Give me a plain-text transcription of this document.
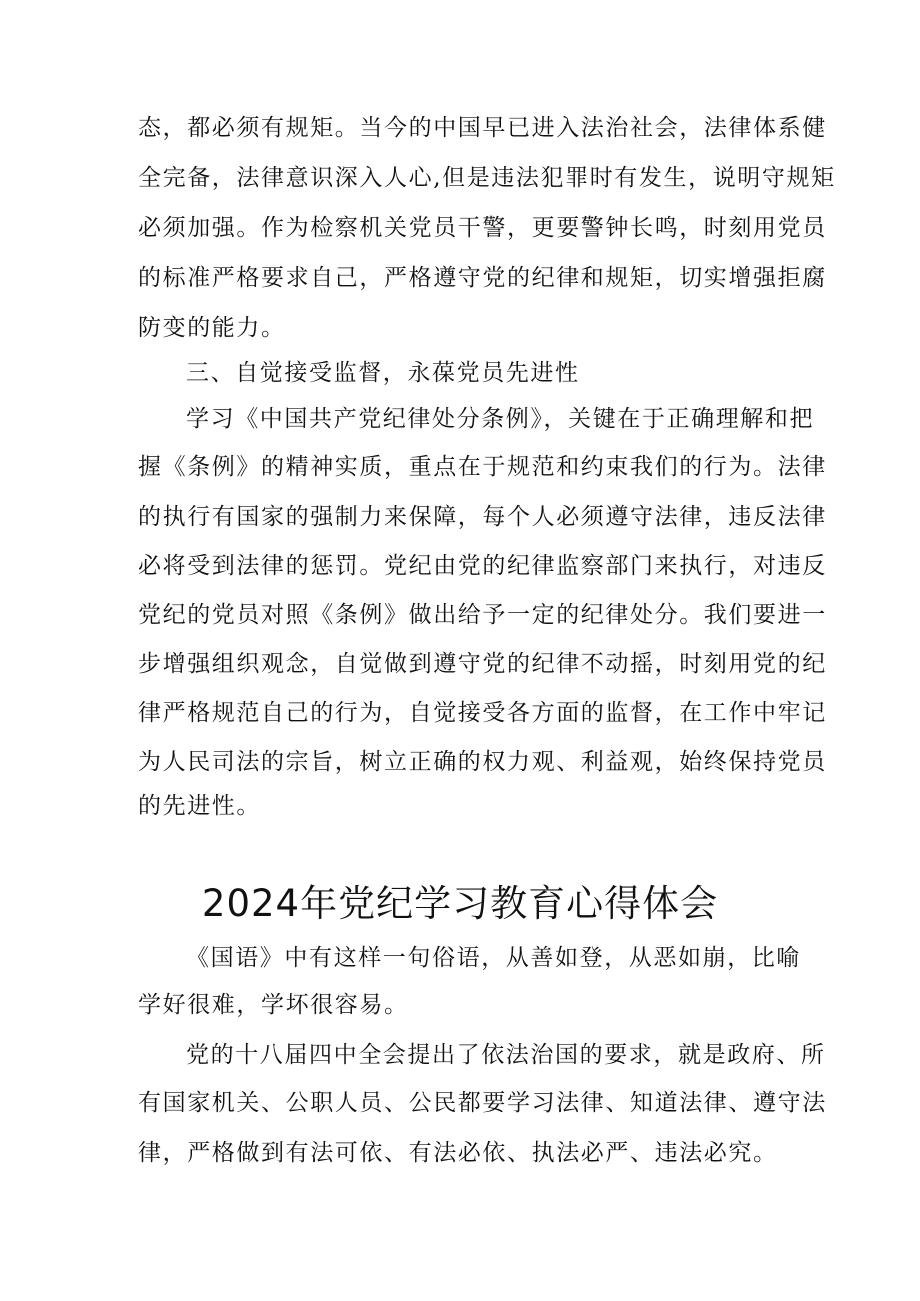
态，都必须有规矩。当今的中国早已进入法治社会，法律体系健
全完备，法律意识深入人心,但是违法犯罪时有发生，说明守规矩
必须加强。作为检察机关党员干警，更要警钟长鸣，时刻用党员
的标准严格要求自己，严格遵守党的纪律和规矩，切实增强拒腐
防变的能力。
三、自觉接受监督，永葆党员先进性
学习《中国共产党纪律处分条例》，关键在于正确理解和把
握《条例》的精神实质，重点在于规范和约束我们的行为。法律
的执行有国家的强制力来保障，每个人必须遵守法律，违反法律
必将受到法律的惩罚。党纪由党的纪律监察部门来执行，对违反
党纪的党员对照《条例》做出给予一定的纪律处分。我们要进一
步增强组织观念，自觉做到遵守党的纪律不动摇，时刻用党的纪
律严格规范自己的行为，自觉接受各方面的监督，在工作中牢记
为人民司法的宗旨，树立正确的权力观、利益观，始终保持党员
的先进性。
2024年党纪学习教育心得体会
《国语》中有这样一句俗语，从善如登，从恶如崩，比喻
学好很难，学坏很容易。
党的十八届四中全会提出了依法治国的要求，就是政府、所
有国家机关、公职人员、公民都要学习法律、知道法律、遵守法
律，严格做到有法可依、有法必依、执法必严、违法必究。
